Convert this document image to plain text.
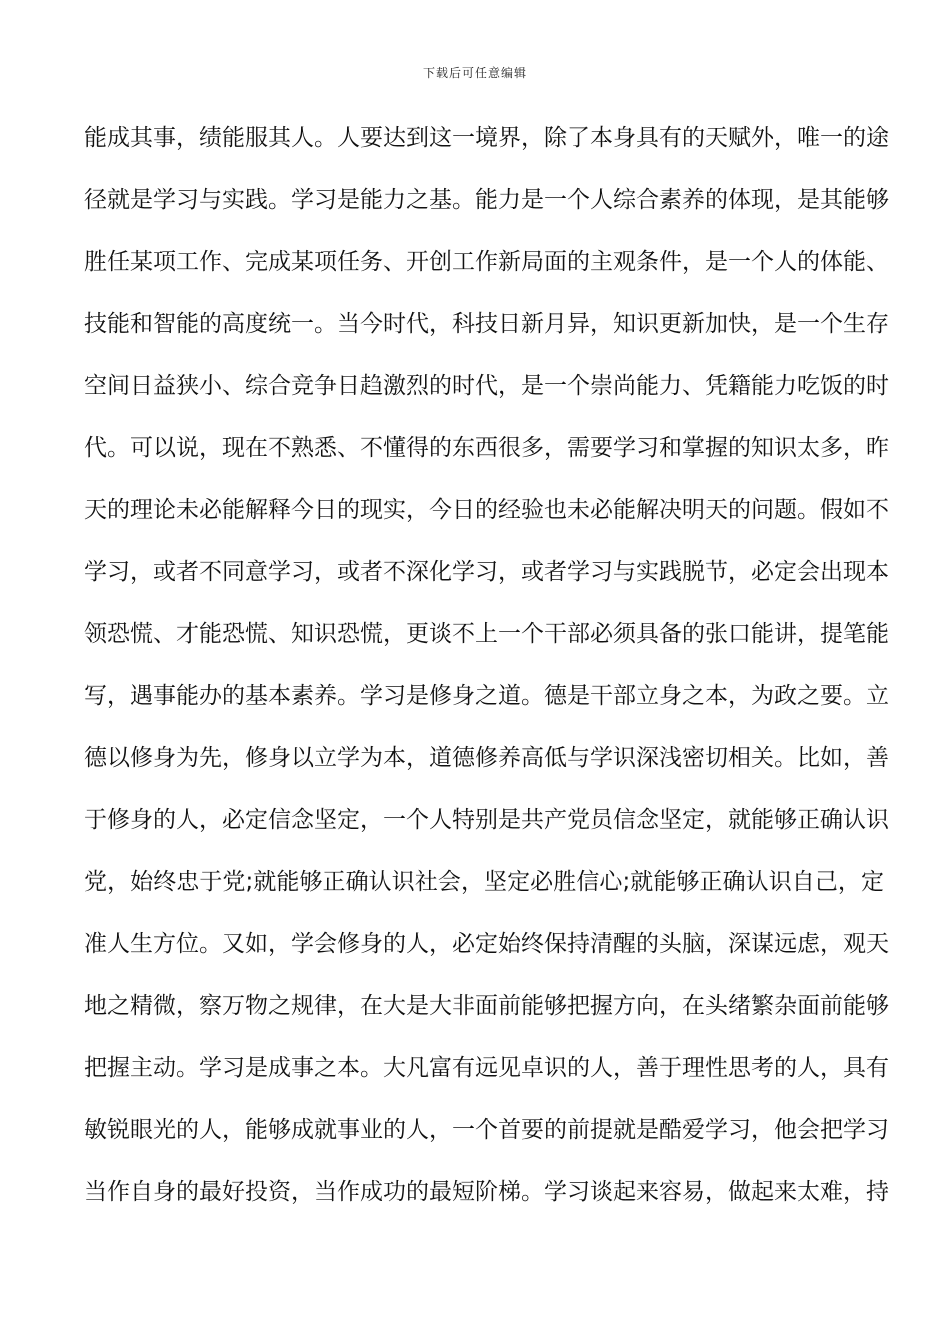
下载后可任意编辑
能成其事，绩能服其人。人要达到这一境界，除了本身具有的天赋外，唯一的途
径就是学习与实践。学习是能力之基。能力是一个人综合素养的体现，是其能够
胜任某项工作、完成某项任务、开创工作新局面的主观条件，是一个人的体能、
技能和智能的高度统一。当今时代，科技日新月异，知识更新加快，是一个生存
空间日益狭小、综合竞争日趋激烈的时代，是一个崇尚能力、凭籍能力吃饭的时
代。可以说，现在不熟悉、不懂得的东西很多，需要学习和掌握的知识太多，昨
天的理论未必能解释今日的现实，今日的经验也未必能解决明天的问题。假如不
学习，或者不同意学习，或者不深化学习，或者学习与实践脱节，必定会出现本
领恐慌、才能恐慌、知识恐慌，更谈不上一个干部必须具备的张口能讲，提笔能
写，遇事能办的基本素养。学习是修身之道。德是干部立身之本，为政之要。立
德以修身为先，修身以立学为本，道德修养高低与学识深浅密切相关。比如，善
于修身的人，必定信念坚定，一个人特别是共产党员信念坚定，就能够正确认识
党，始终忠于党;就能够正确认识社会，坚定必胜信心;就能够正确认识自己，定
准人生方位。又如，学会修身的人，必定始终保持清醒的头脑，深谋远虑，观天
地之精微，察万物之规律，在大是大非面前能够把握方向，在头绪繁杂面前能够
把握主动。学习是成事之本。大凡富有远见卓识的人，善于理性思考的人，具有
敏锐眼光的人，能够成就事业的人，一个首要的前提就是酷爱学习，他会把学习
当作自身的最好投资，当作成功的最短阶梯。学习谈起来容易，做起来太难，持
